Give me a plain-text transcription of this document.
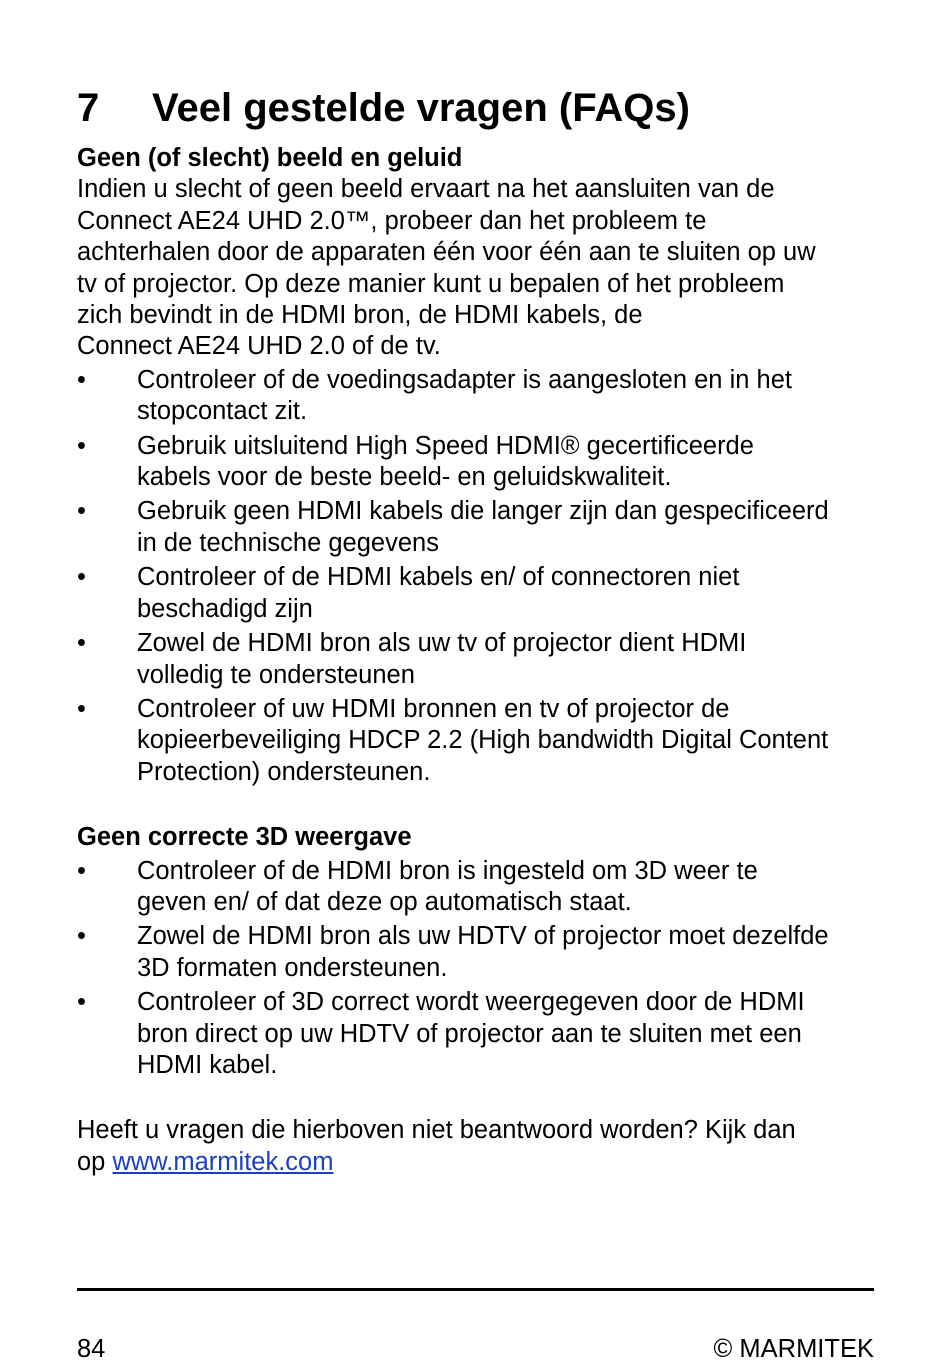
7 Veel gestelde vragen (FAQs)

Geen (of slecht) beeld en geluid

Indien u slecht of geen beeld ervaart na het aansluiten van de
Connect AE24 UHD 2.0™, probeer dan het probleem te
achterhalen door de apparaten één voor één aan te sluiten op uw
tv of projector. Op deze manier kunt u bepalen of het probleem
zich bevindt in de HDMI bron, de HDMI kabels, de
Connect AE24 UHD 2.0 of de tv.

•	Controleer of de voedingsadapter is aangesloten en in het
stopcontact zit.
•	Gebruik uitsluitend High Speed HDMI® gecertificeerde
kabels voor de beste beeld- en geluidskwaliteit.
•	Gebruik geen HDMI kabels die langer zijn dan gespecificeerd
in de technische gegevens
•	Controleer of de HDMI kabels en/ of connectoren niet
beschadigd zijn
•	Zowel de HDMI bron als uw tv of projector dient HDMI
volledig te ondersteunen
•	Controleer of uw HDMI bronnen en tv of projector de
kopieerbeveiliging HDCP 2.2 (High bandwidth Digital Content
Protection) ondersteunen.

Geen correcte 3D weergave

•	Controleer of de HDMI bron is ingesteld om 3D weer te
geven en/ of dat deze op automatisch staat.
•	Zowel de HDMI bron als uw HDTV of projector moet dezelfde
3D formaten ondersteunen.
•	Controleer of 3D correct wordt weergegeven door de HDMI
bron direct op uw HDTV of projector aan te sluiten met een
HDMI kabel.

Heeft u vragen die hierboven niet beantwoord worden? Kijk dan
op www.marmitek.com

84	© MARMITEK
